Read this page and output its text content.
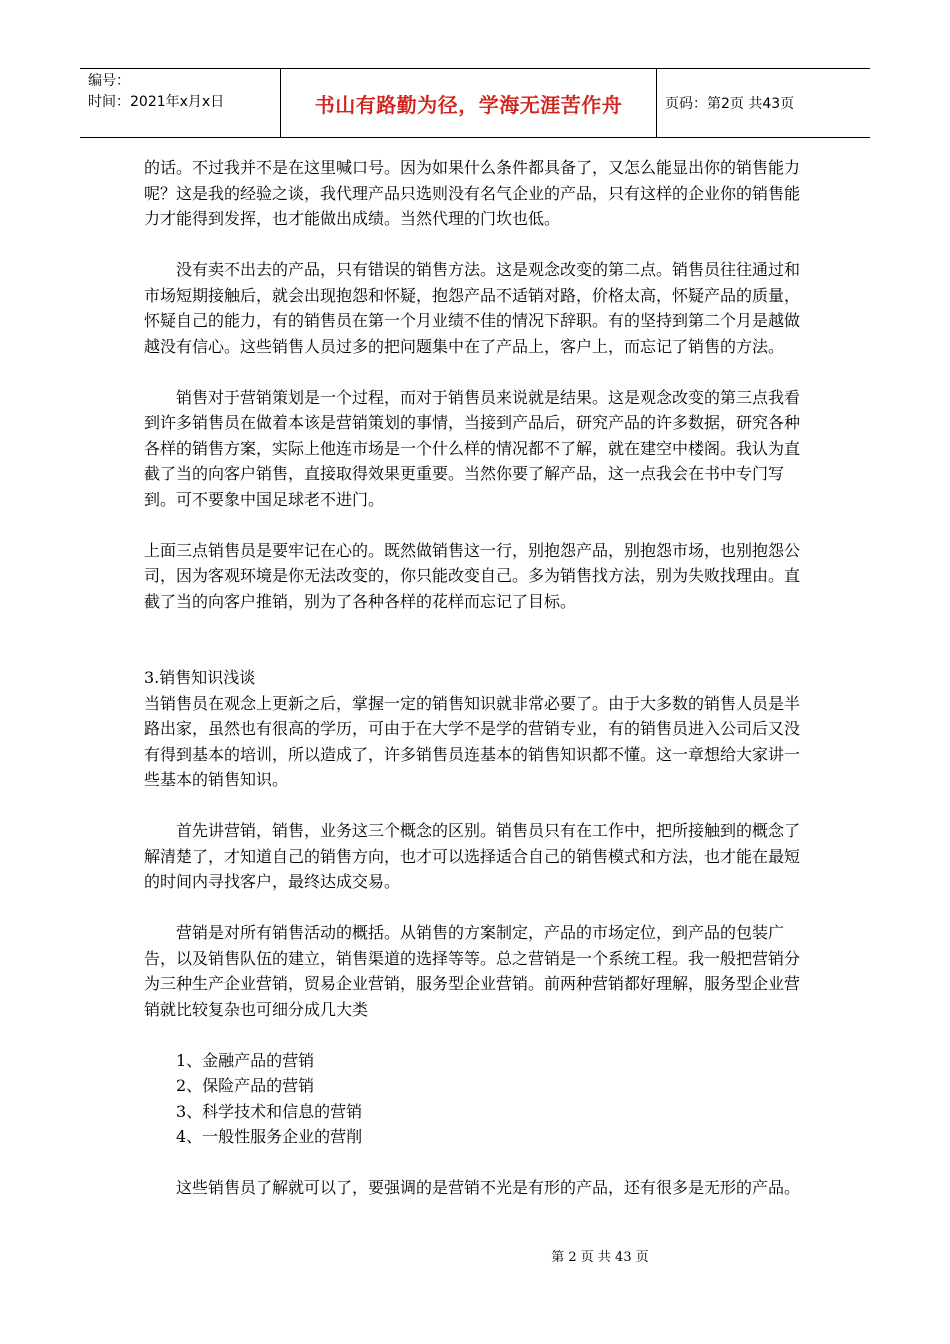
编号：
时间：2021年x月x日	书山有路勤为径，学海无涯苦作舟	页码：第2页 共43页

的话。不过我并不是在这里喊口号。因为如果什么条件都具备了，又怎么能显出你的销售能力呢？这是我的经验之谈，我代理产品只选则没有名气企业的产品，只有这样的企业你的销售能力才能得到发挥，也才能做出成绩。当然代理的门坎也低。

没有卖不出去的产品，只有错误的销售方法。这是观念改变的第二点。销售员往往通过和市场短期接触后，就会出现抱怨和怀疑，抱怨产品不适销对路，价格太高，怀疑产品的质量，怀疑自己的能力，有的销售员在第一个月业绩不佳的情况下辞职。有的坚持到第二个月是越做越没有信心。这些销售人员过多的把问题集中在了产品上，客户上，而忘记了销售的方法。

销售对于营销策划是一个过程，而对于销售员来说就是结果。这是观念改变的第三点我看到许多销售员在做着本该是营销策划的事情，当接到产品后，研究产品的许多数据，研究各种各样的销售方案，实际上他连市场是一个什么样的情况都不了解，就在建空中楼阁。我认为直截了当的向客户销售，直接取得效果更重要。当然你要了解产品，这一点我会在书中专门写到。可不要象中国足球老不进门。

上面三点销售员是要牢记在心的。既然做销售这一行，别抱怨产品，别抱怨市场，也别抱怨公司，因为客观环境是你无法改变的，你只能改变自己。多为销售找方法，别为失败找理由。直截了当的向客户推销，别为了各种各样的花样而忘记了目标。

3.销售知识浅谈

当销售员在观念上更新之后，掌握一定的销售知识就非常必要了。由于大多数的销售人员是半路出家，虽然也有很高的学历，可由于在大学不是学的营销专业，有的销售员进入公司后又没有得到基本的培训，所以造成了，许多销售员连基本的销售知识都不懂。这一章想给大家讲一些基本的销售知识。

首先讲营销，销售，业务这三个概念的区别。销售员只有在工作中，把所接触到的概念了解清楚了，才知道自己的销售方向，也才可以选择适合自己的销售模式和方法，也才能在最短的时间内寻找客户，最终达成交易。

营销是对所有销售活动的概括。从销售的方案制定，产品的市场定位，到产品的包装广告，以及销售队伍的建立，销售渠道的选择等等。总之营销是一个系统工程。我一般把营销分为三种生产企业营销，贸易企业营销，服务型企业营销。前两种营销都好理解，服务型企业营销就比较复杂也可细分成几大类

1、金融产品的营销

2、保险产品的营销

3、科学技术和信息的营销

4、一般性服务企业的营削

这些销售员了解就可以了，要强调的是营销不光是有形的产品，还有很多是无形的产品。

第 2 页 共 43 页
